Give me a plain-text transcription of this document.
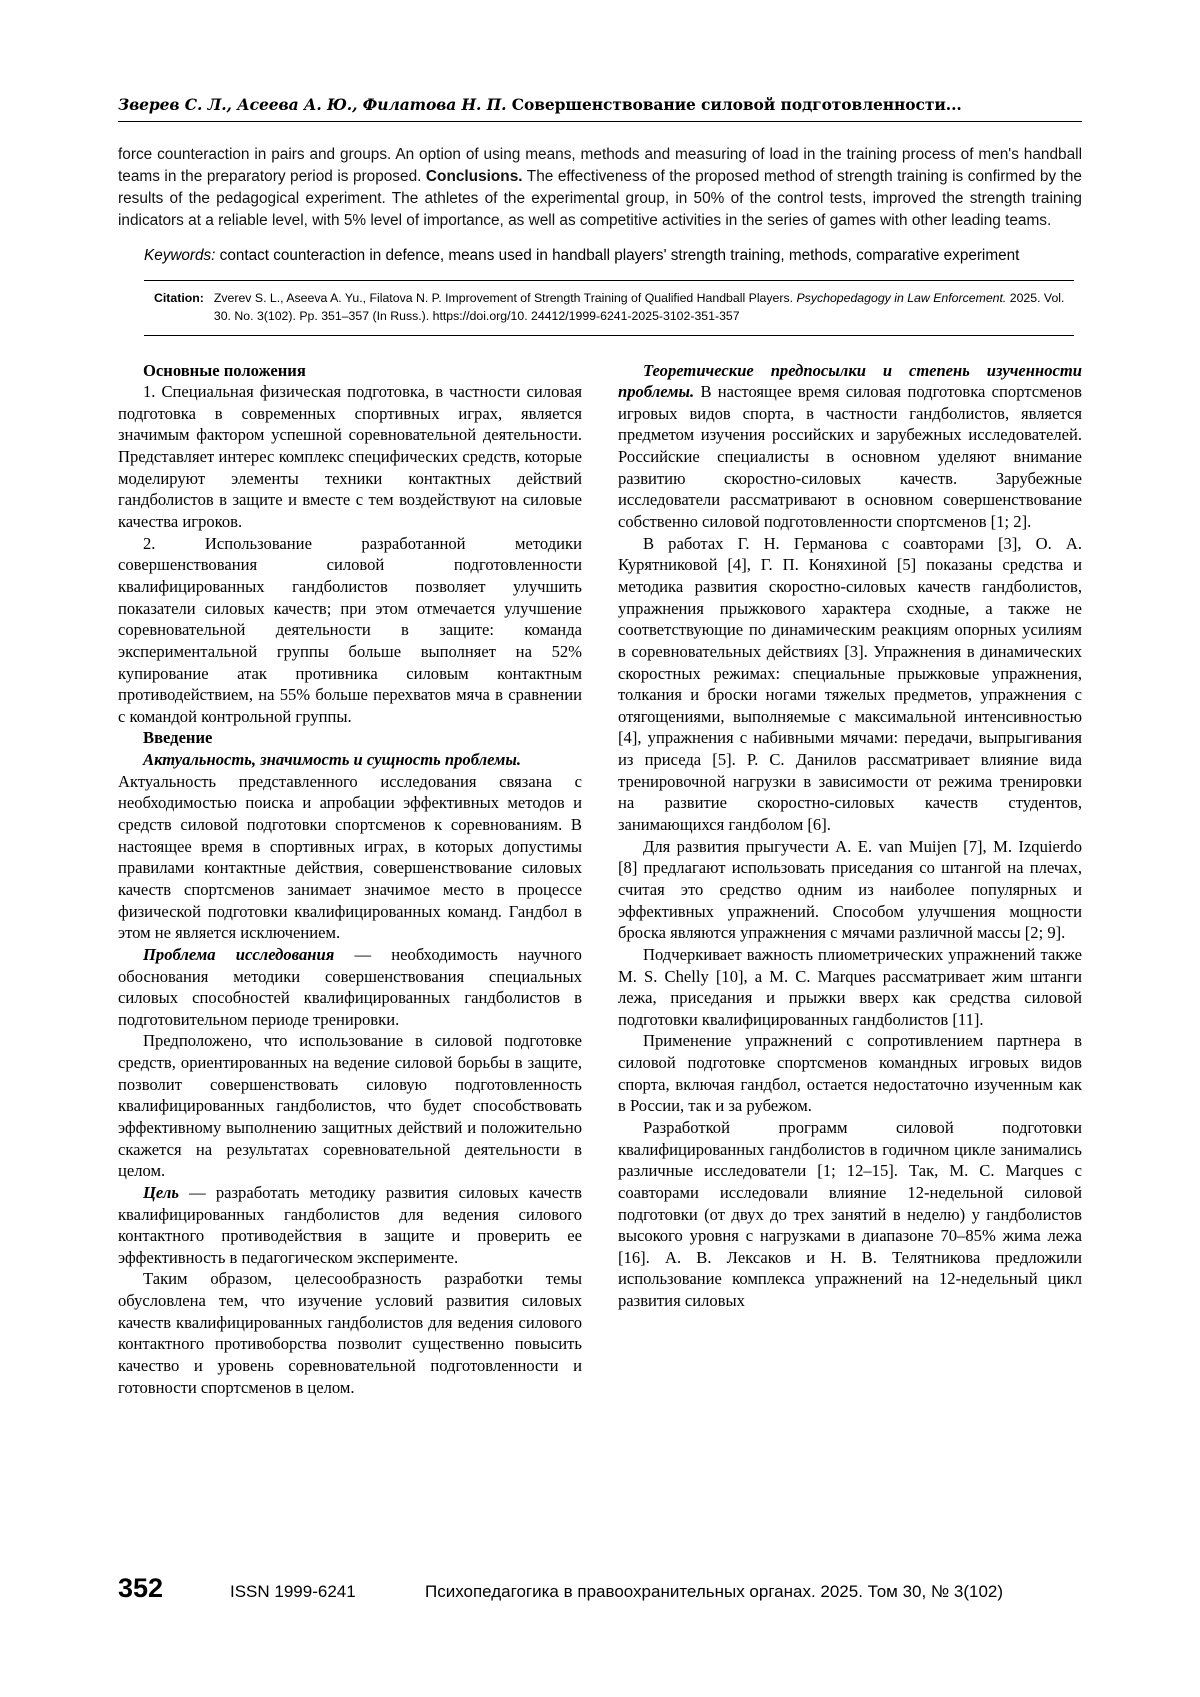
Зверев С. Л., Асеева А. Ю., Филатова Н. П. Совершенствование силовой подготовленности...
force counteraction in pairs and groups. An option of using means, methods and measuring of load in the training process of men's handball teams in the preparatory period is proposed. Conclusions. The effectiveness of the proposed method of strength training is confirmed by the results of the pedagogical experiment. The athletes of the experimental group, in 50% of the control tests, improved the strength training indicators at a reliable level, with 5% level of importance, as well as competitive activities in the series of games with other leading teams.
Keywords: contact counteraction in defence, means used in handball players' strength training, methods, comparative experiment
Citation: Zverev S. L., Aseeva A. Yu., Filatova N. P. Improvement of Strength Training of Qualified Handball Players. Psychopedagogy in Law Enforcement. 2025. Vol. 30. No. 3(102). Pp. 351–357 (In Russ.). https://doi.org/10. 24412/1999-6241-2025-3102-351-357

Основные положения

1. Специальная физическая подготовка, в частности силовая подготовка в современных спортивных играх, является значимым фактором успешной соревновательной деятельности. Представляет интерес комплекс специфических средств, которые моделируют элементы техники контактных действий гандболистов в защите и вместе с тем воздействуют на силовые качества игроков.

2. Использование разработанной методики совершенствования силовой подготовленности квалифицированных гандболистов позволяет улучшить показатели силовых качеств; при этом отмечается улучшение соревновательной деятельности в защите: команда экспериментальной группы больше выполняет на 52% купирование атак противника силовым контактным противодействием, на 55% больше перехватов мяча в сравнении с командой контрольной группы.

Введение

Актуальность, значимость и сущность проблемы.

Актуальность представленного исследования связана с необходимостью поиска и апробации эффективных методов и средств силовой подготовки спортсменов к соревнованиям. В настоящее время в спортивных играх, в которых допустимы правилами контактные действия, совершенствование силовых качеств спортсменов занимает значимое место в процессе физической подготовки квалифицированных команд. Гандбол в этом не является исключением.

Проблема исследования — необходимость научного обоснования методики совершенствования специальных силовых способностей квалифицированных гандболистов в подготовительном периоде тренировки.

Предположено, что использование в силовой подготовке средств, ориентированных на ведение силовой борьбы в защите, позволит совершенствовать силовую подготовленность квалифицированных гандболистов, что будет способствовать эффективному выполнению защитных действий и положительно скажется на результатах соревновательной деятельности в целом.

Цель — разработать методику развития силовых качеств квалифицированных гандболистов для ведения силового контактного противодействия в защите и проверить ее эффективность в педагогическом эксперименте.

Таким образом, целесообразность разработки темы обусловлена тем, что изучение условий развития силовых качеств квалифицированных гандболистов для ведения силового контактного противоборства позволит существенно повысить качество и уровень соревновательной подготовленности и готовности спортсменов в целом.

Теоретические предпосылки и степень изученности проблемы. В настоящее время силовая подготовка спортсменов игровых видов спорта, в частности гандболистов, является предметом изучения российских и зарубежных исследователей. Российские специалисты в основном уделяют внимание развитию скоростно-силовых качеств. Зарубежные исследователи рассматривают в основном совершенствование собственно силовой подготовленности спортсменов [1; 2].

В работах Г. Н. Германова с соавторами [3], О. А. Курятниковой [4], Г. П. Коняхиной [5] показаны средства и методика развития скоростно-силовых качеств гандболистов, упражнения прыжкового характера сходные, а также не соответствующие по динамическим реакциям опорных усилиям в соревновательных действиях [3]. Упражнения в динамических скоростных режимах: специальные прыжковые упражнения, толкания и броски ногами тяжелых предметов, упражнения с отягощениями, выполняемые с максимальной интенсивностью [4], упражнения с набивными мячами: передачи, выпрыгивания из приседа [5]. Р. С. Данилов рассматривает влияние вида тренировочной нагрузки в зависимости от режима тренировки на развитие скоростно-силовых качеств студентов, занимающихся гандболом [6].

Для развития прыгучести A. E. van Muijen [7], M. Izquierdo [8] предлагают использовать приседания со штангой на плечах, считая это средство одним из наиболее популярных и эффективных упражнений. Способом улучшения мощности броска являются упражнения с мячами различной массы [2; 9].

Подчеркивает важность плиометрических упражнений также M. S. Chelly [10], a M. C. Marques рассматривает жим штанги лежа, приседания и прыжки вверх как средства силовой подготовки квалифицированных гандболистов [11].

Применение упражнений с сопротивлением партнера в силовой подготовке спортсменов командных игровых видов спорта, включая гандбол, остается недостаточно изученным как в России, так и за рубежом.

Разработкой программ силовой подготовки квалифицированных гандболистов в годичном цикле занимались различные исследователи [1; 12–15]. Так, M. C. Marques с соавторами исследовали влияние 12-недельной силовой подготовки (от двух до трех занятий в неделю) у гандболистов высокого уровня с нагрузками в диапазоне 70–85% жима лежа [16]. А. В. Лексаков и Н. В. Телятникова предложили использование комплекса упражнений на 12-недельный цикл развития силовых

352	ISSN 1999-6241	Психопедагогика в правоохранительных органах. 2025. Том 30, № 3(102)
